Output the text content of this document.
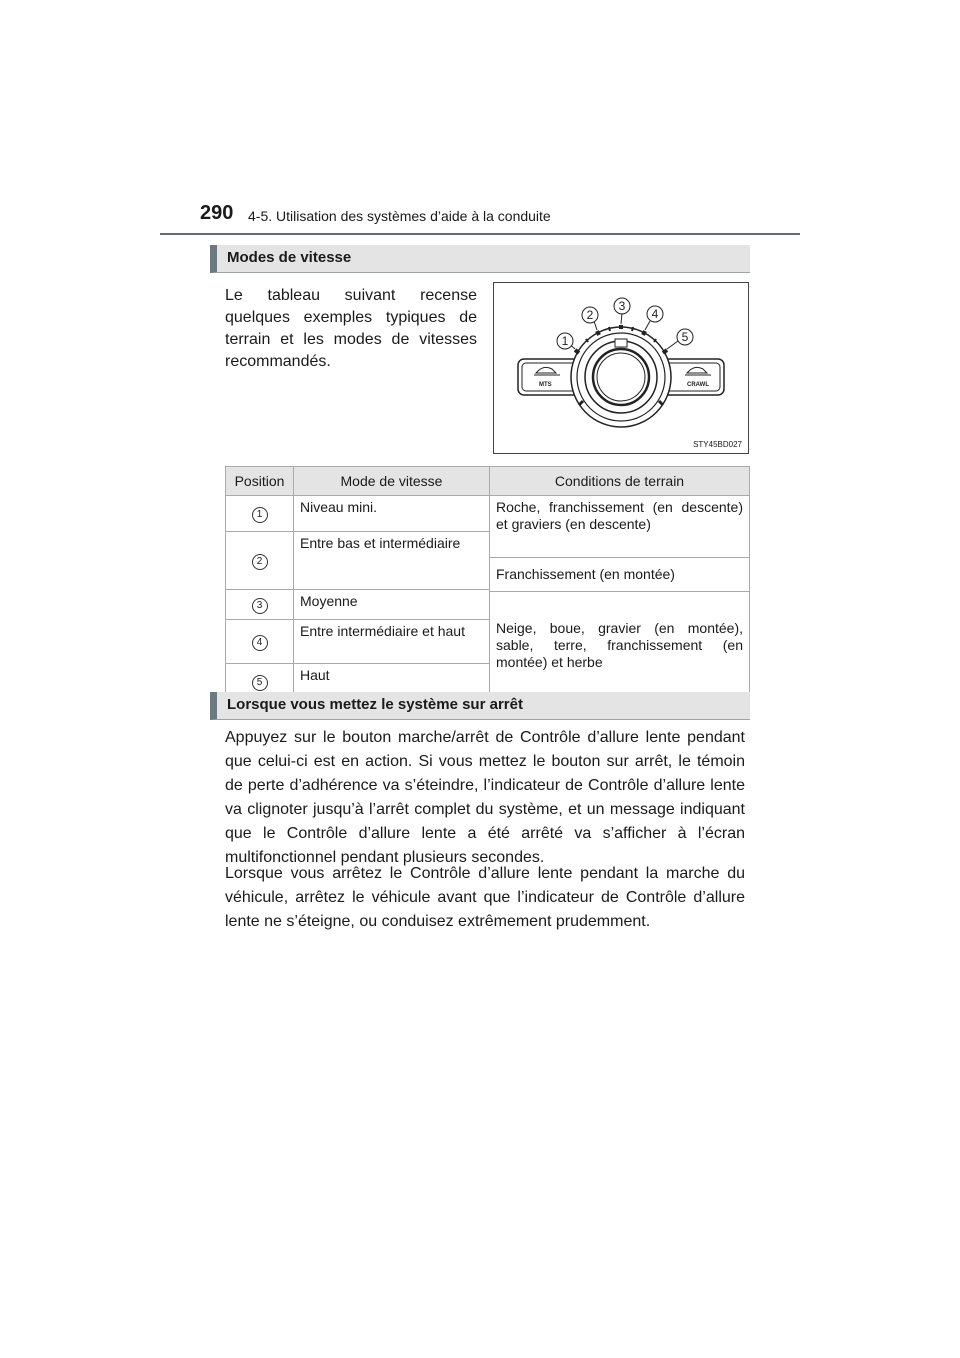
290 4-5. Utilisation des systèmes d’aide à la conduite
Modes de vitesse
Le tableau suivant recense quelques exemples typiques de terrain et les modes de vitesses recommandés.
1
2
3
4
5
MTS	CRAWL
STY45BD027
Position	Mode de vitesse	Conditions de terrain
1	Niveau mini.	Roche, franchissement (en descente) et graviers (en descente)
2	Entre bas et intermédiaire	
		Franchissement (en montée)
3	Moyenne	
		Neige, boue, gravier (en montée), sable, terre, franchissement (en montée) et herbe
4	Entre intermédiaire et haut	
5	Haut	
Lorsque vous mettez le système sur arrêt

Appuyez sur le bouton marche/arrêt de Contrôle d’allure lente pendant que celui-ci est en action. Si vous mettez le bouton sur arrêt, le témoin de perte d’adhérence va s’éteindre, l’indicateur de Contrôle d’allure lente va clignoter jusqu’à l’arrêt complet du système, et un message indiquant que le Contrôle d’allure lente a été arrêté va s’afficher à l’écran multifonctionnel pendant plusieurs secondes.

Lorsque vous arrêtez le Contrôle d’allure lente pendant la marche du véhicule, arrêtez le véhicule avant que l’indicateur de Contrôle d’allure lente ne s’éteigne, ou conduisez extrêmement prudemment.
